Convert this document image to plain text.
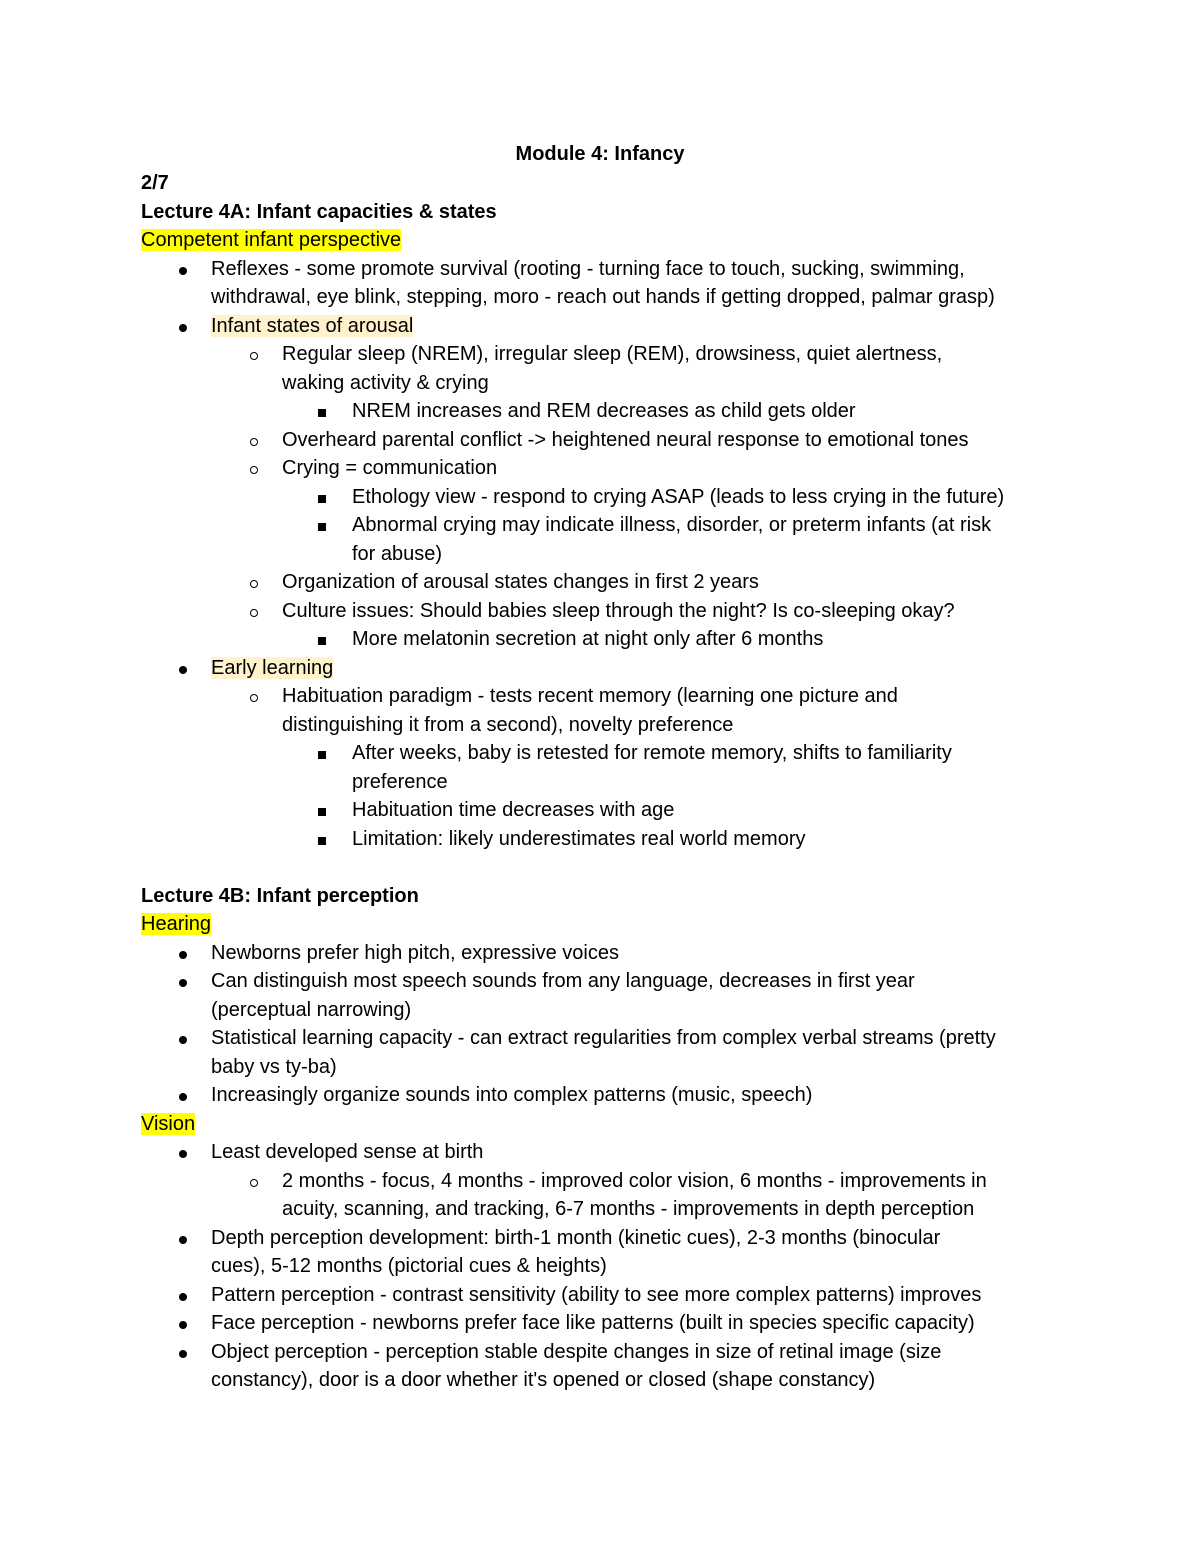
Module 4: Infancy
2/7
Lecture 4A: Infant capacities & states
Competent infant perspective
Reflexes - some promote survival (rooting - turning face to touch, sucking, swimming,
withdrawal, eye blink, stepping, moro - reach out hands if getting dropped, palmar grasp)
Infant states of arousal
Regular sleep (NREM), irregular sleep (REM), drowsiness, quiet alertness,
waking activity & crying
NREM increases and REM decreases as child gets older
Overheard parental conflict -> heightened neural response to emotional tones
Crying = communication
Ethology view - respond to crying ASAP (leads to less crying in the future)
Abnormal crying may indicate illness, disorder, or preterm infants (at risk
for abuse)
Organization of arousal states changes in first 2 years
Culture issues: Should babies sleep through the night? Is co-sleeping okay?
More melatonin secretion at night only after 6 months
Early learning
Habituation paradigm - tests recent memory (learning one picture and
distinguishing it from a second), novelty preference
After weeks, baby is retested for remote memory, shifts to familiarity
preference
Habituation time decreases with age
Limitation: likely underestimates real world memory
Lecture 4B: Infant perception
Hearing
Newborns prefer high pitch, expressive voices
Can distinguish most speech sounds from any language, decreases in first year
(perceptual narrowing)
Statistical learning capacity - can extract regularities from complex verbal streams (pretty
baby vs ty-ba)
Increasingly organize sounds into complex patterns (music, speech)
Vision
Least developed sense at birth
2 months - focus, 4 months - improved color vision, 6 months - improvements in
acuity, scanning, and tracking, 6-7 months - improvements in depth perception
Depth perception development: birth-1 month (kinetic cues), 2-3 months (binocular
cues), 5-12 months (pictorial cues & heights)
Pattern perception - contrast sensitivity (ability to see more complex patterns) improves
Face perception - newborns prefer face like patterns (built in species specific capacity)
Object perception - perception stable despite changes in size of retinal image (size
constancy), door is a door whether it's opened or closed (shape constancy)
